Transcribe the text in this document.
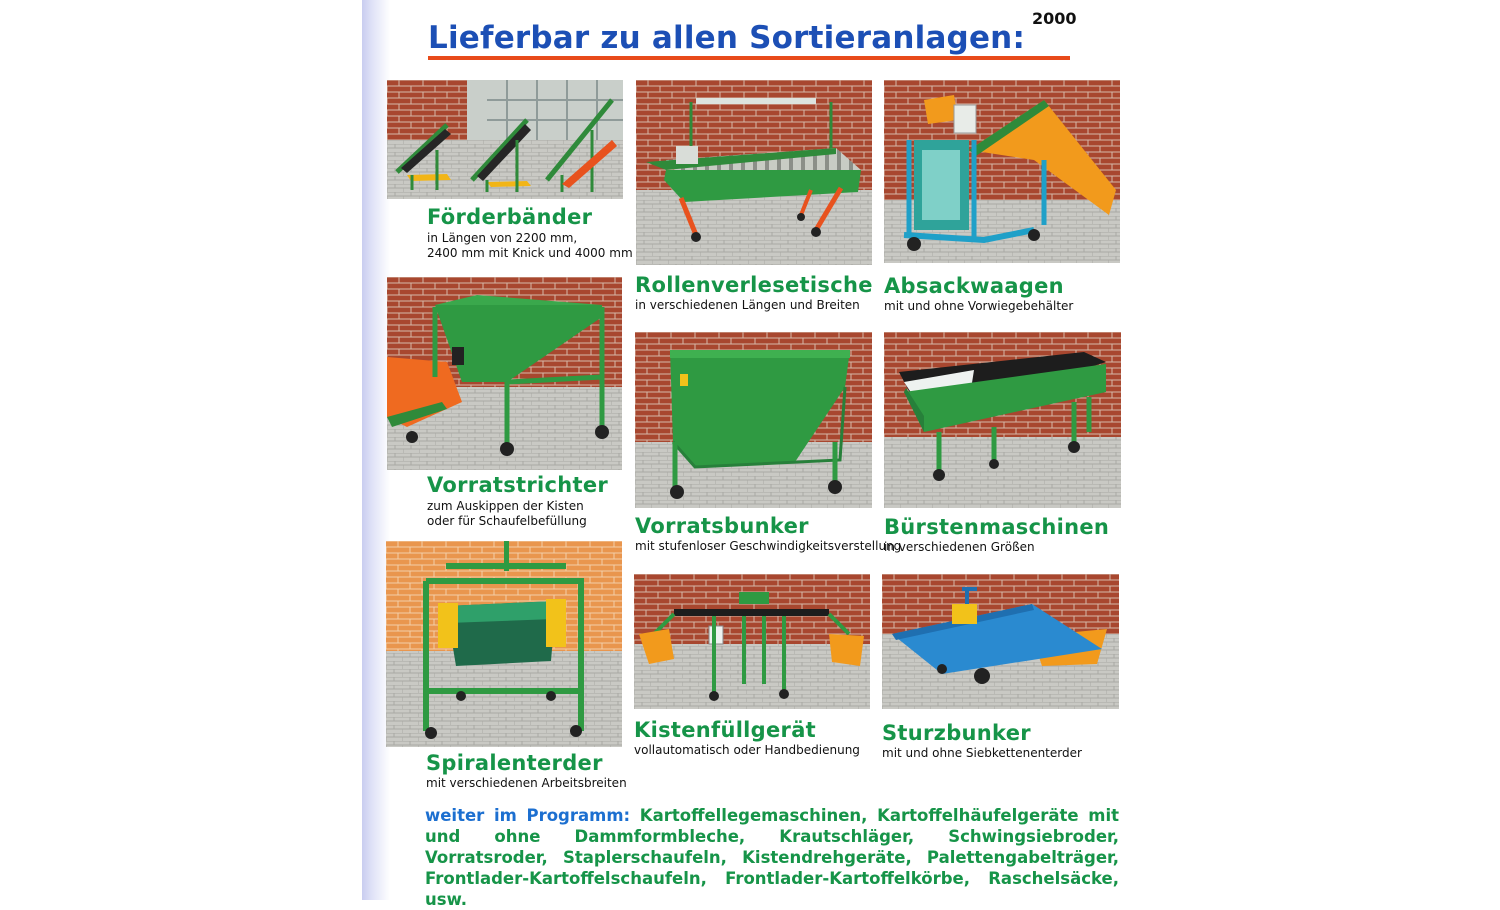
2000
Lieferbar zu allen Sortieranlagen:
Förderbänder
in Längen von 2200 mm,
2400 mm mit Knick und 4000 mm
Rollenverlesetische
in verschiedenen Längen und Breiten
Absackwaagen
mit und ohne Vorwiegebehälter
Vorratstrichter
zum Auskippen der Kisten
oder für Schaufelbefüllung Vorratsbunker
mit stufenloser Geschwindigkeitsverstellung
Bürstenmaschinen
in verschiedenen Größen
Spiralenterder
mit verschiedenen Arbeitsbreiten
Kistenfüllgerät
vollautomatisch oder Handbedienung
Sturzbunker
mit und ohne Siebkettenenterder
weiter im Programm: Kartoffellegemaschinen, Kartoffelhäufelgeräte mit und ohne Dammformbleche, Krautschläger, Schwingsiebroder, Vorratsroder, Staplerschaufeln, Kistendrehgeräte, Palettengabelträger, Frontlader-Kartoffelschaufeln, Frontlader-Kartoffelkörbe, Raschelsäcke, usw.
